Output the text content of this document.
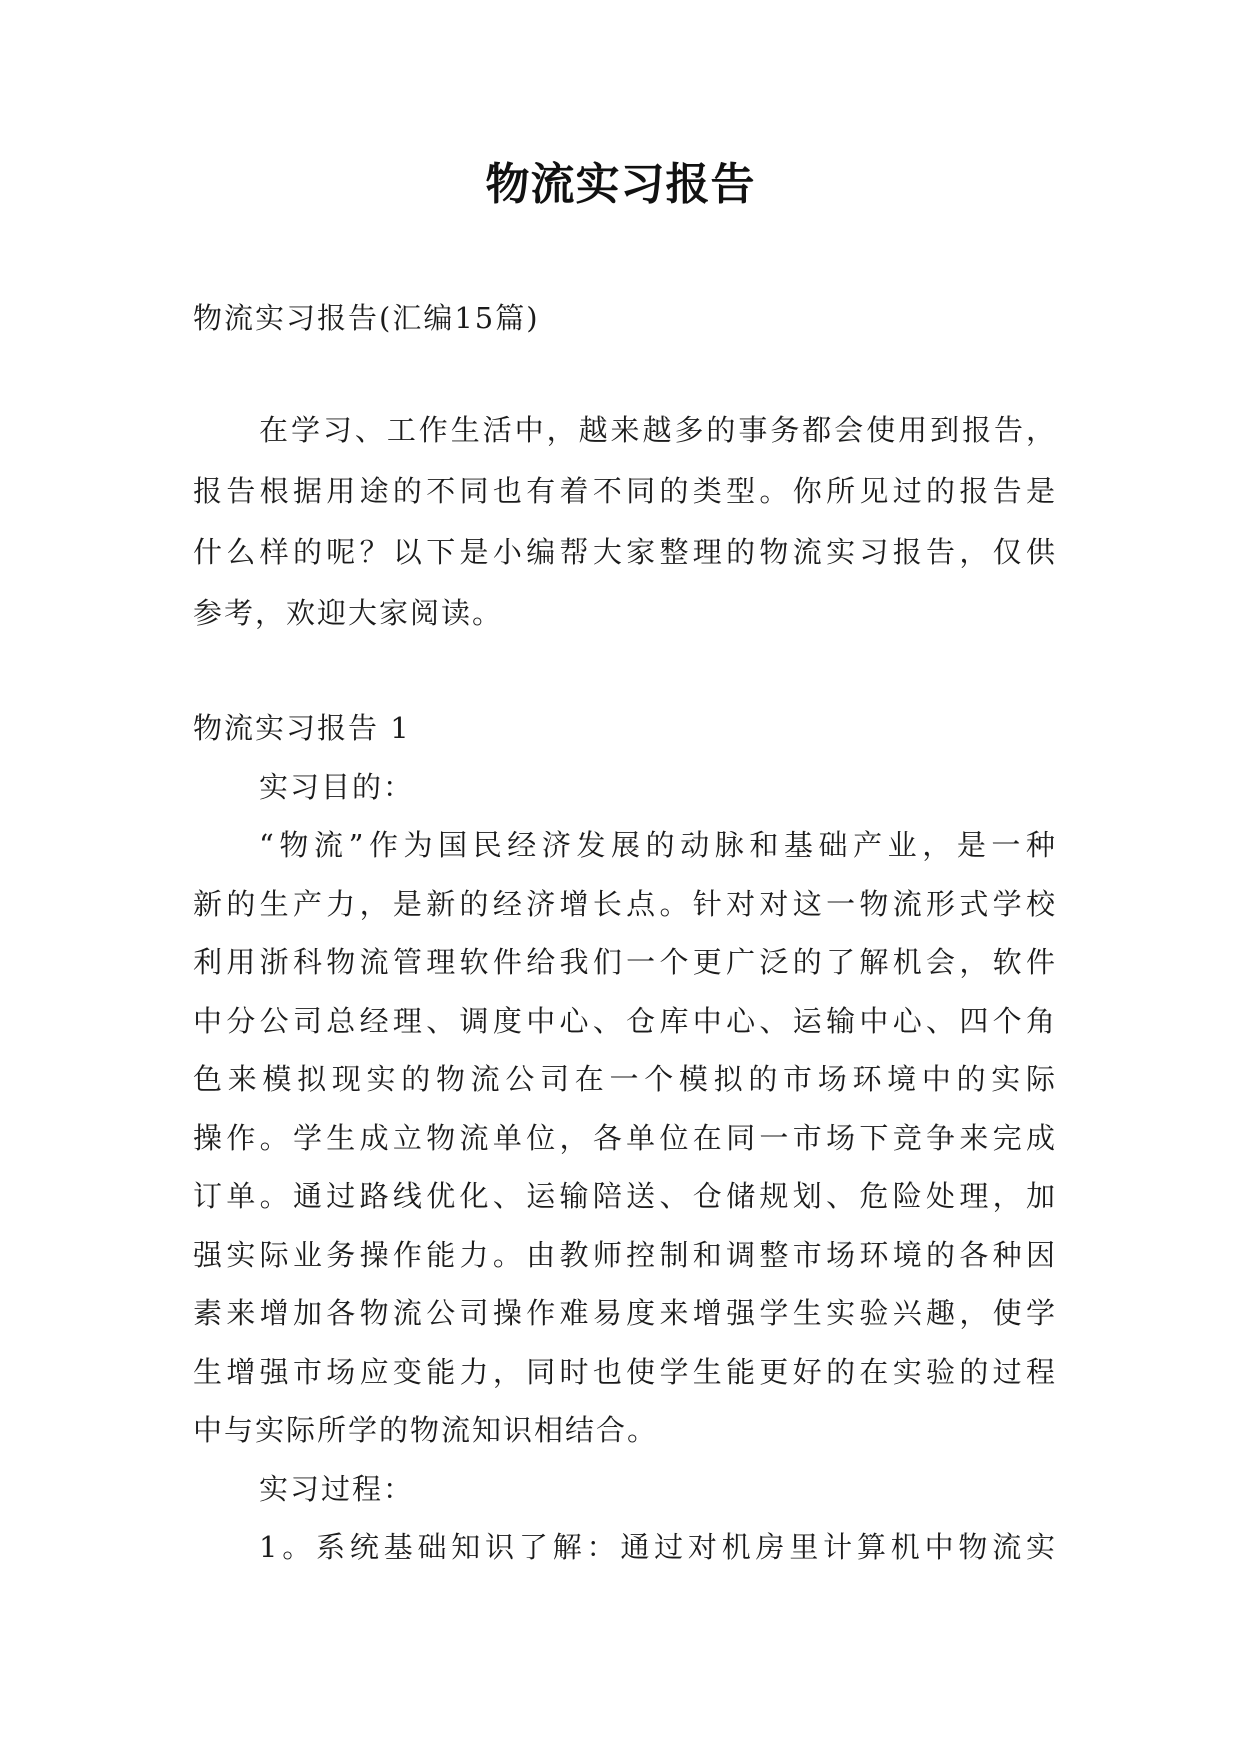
物流实习报告
物流实习报告(汇编15篇)
在学习、工作生活中，越来越多的事务都会使用到报告，
报告根据用途的不同也有着不同的类型。你所见过的报告是
什么样的呢？以下是小编帮大家整理的物流实习报告，仅供
参考，欢迎大家阅读。
物流实习报告 1
实习目的：
“物流”作为国民经济发展的动脉和基础产业，是一种
新的生产力，是新的经济增长点。针对对这一物流形式学校
利用浙科物流管理软件给我们一个更广泛的了解机会，软件
中分公司总经理、调度中心、仓库中心、运输中心、四个角
色来模拟现实的物流公司在一个模拟的市场环境中的实际
操作。学生成立物流单位，各单位在同一市场下竞争来完成
订单。通过路线优化、运输陪送、仓储规划、危险处理，加
强实际业务操作能力。由教师控制和调整市场环境的各种因
素来增加各物流公司操作难易度来增强学生实验兴趣，使学
生增强市场应变能力，同时也使学生能更好的在实验的过程
中与实际所学的物流知识相结合。
实习过程：
1。系统基础知识了解：通过对机房里计算机中物流实
